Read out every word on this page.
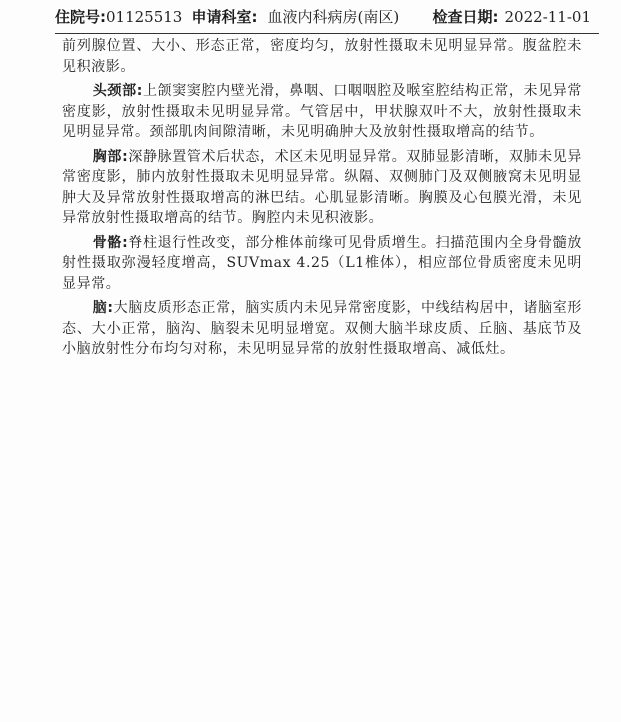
住院号: 01125513 申请科室: 血液内科病房(南区) 检查日期: 2022-11-01

前列腺位置、大小、形态正常，密度均匀，放射性摄取未见明显异常。腹盆腔未见积液影。

头颈部:上颌窦窦腔内壁光滑，鼻咽、口咽咽腔及喉室腔结构正常，未见异常密度影，放射性摄取未见明显异常。气管居中，甲状腺双叶不大，放射性摄取未见明显异常。颈部肌肉间隙清晰，未见明确肿大及放射性摄取增高的结节。

胸部:深静脉置管术后状态，术区未见明显异常。双肺显影清晰，双肺未见异常密度影，肺内放射性摄取未见明显异常。纵隔、双侧肺门及双侧腋窝未见明显肿大及异常放射性摄取增高的淋巴结。心肌显影清晰。胸膜及心包膜光滑，未见异常放射性摄取增高的结节。胸腔内未见积液影。

骨骼:脊柱退行性改变，部分椎体前缘可见骨质增生。扫描范围内全身骨髓放射性摄取弥漫轻度增高，SUVmax 4.25（L1椎体），相应部位骨质密度未见明显异常。

脑:大脑皮质形态正常，脑实质内未见异常密度影，中线结构居中，诸脑室形态、大小正常，脑沟、脑裂未见明显增宽。双侧大脑半球皮质、丘脑、基底节及小脑放射性分布均匀对称，未见明显异常的放射性摄取增高、减低灶。
